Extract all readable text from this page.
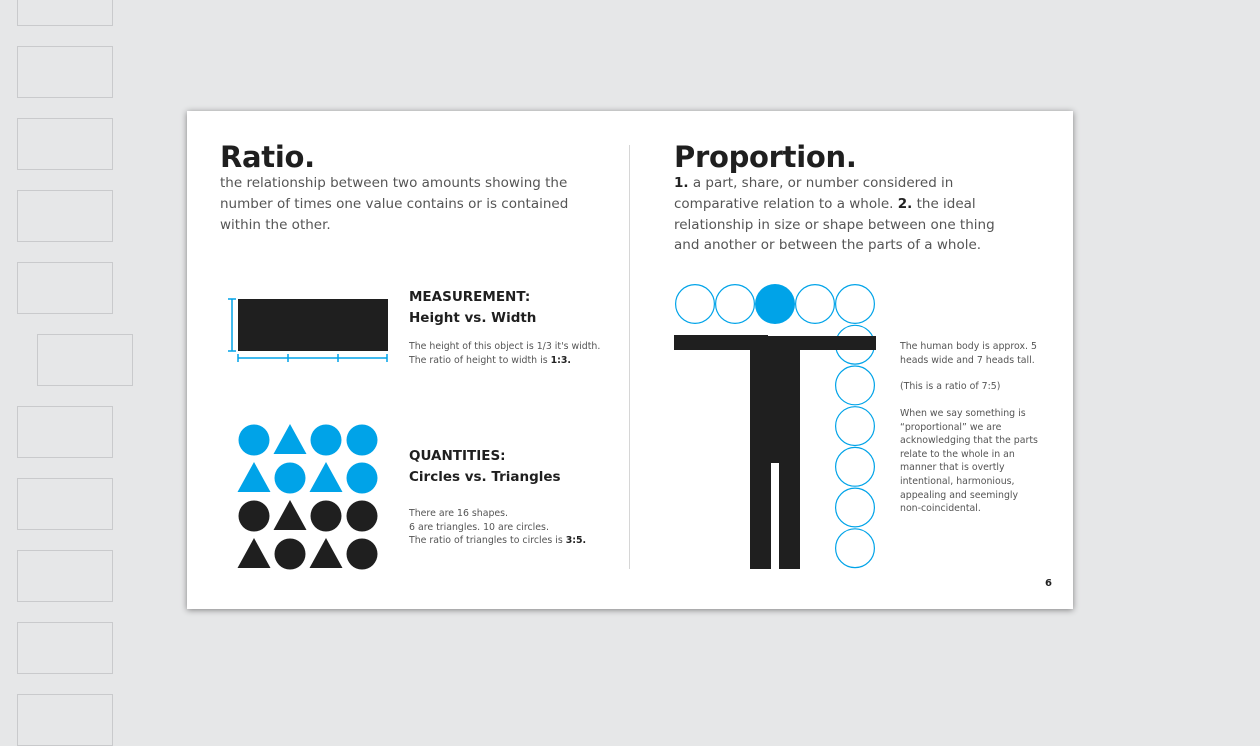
Ratio.

the relationship between two amounts showing the
number of times one value contains or is contained
within the other.

MEASUREMENT:
Height vs. Width
The height of this object is 1/3 it's width.
The ratio of height to width is 1:3.
QUANTITIES:
Circles vs. Triangles
There are 16 shapes.
6 are triangles. 10 are circles.
The ratio of triangles to circles is 3:5.
Proportion.

1. a part, share, or number considered in comparative relation to a whole. 2. the ideal relationship in size or shape between one thing and another or between the parts of a whole.

The human body is approx. 5 heads wide and 7 heads tall.
(This is a ratio of 7:5)
When we say something is “proportional” we are acknowledging that the parts relate to the whole in an manner that is overtly intentional, harmonious, appealing and seemingly non-coincidental.
6
